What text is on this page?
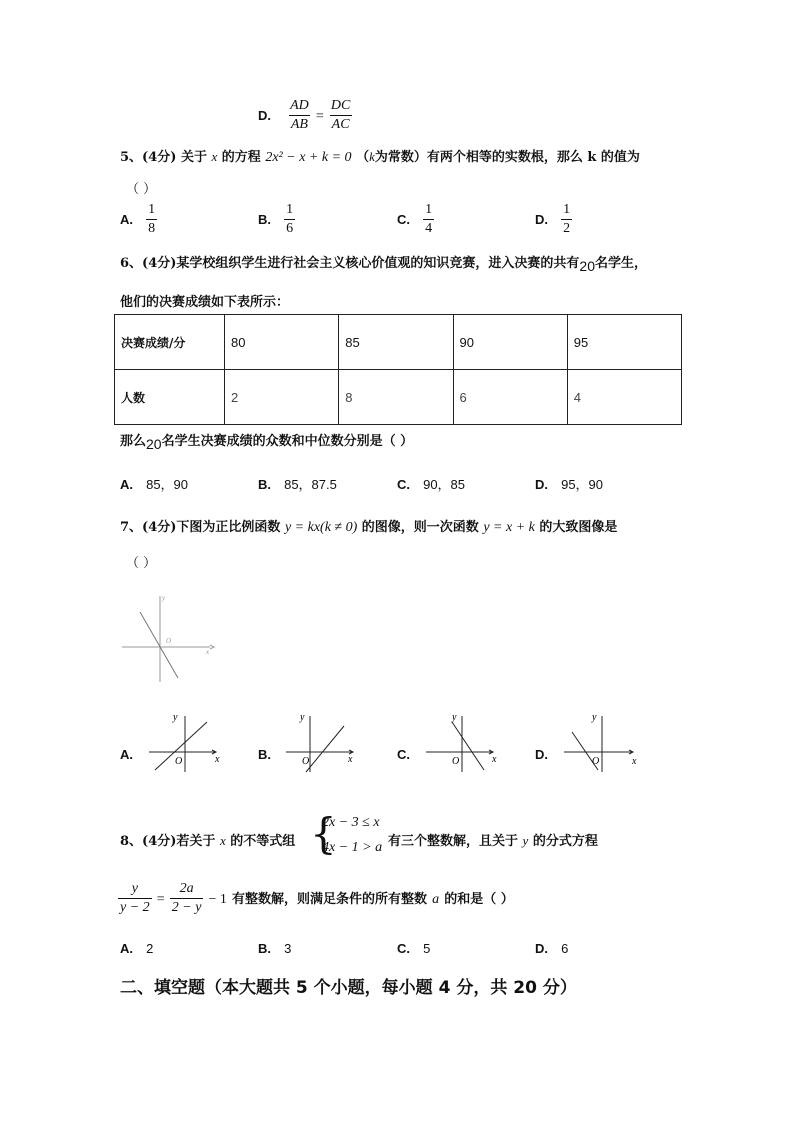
D. $\frac{AD}{AB} = \frac{DC}{AC}$
5、(4分) 关于 x 的方程 2x² − x + k = 0 （k为常数）有两个相等的实数根，那么 k 的值为
（ ）
A. $\frac{1}{8}$	B. $\frac{1}{6}$	C. $\frac{1}{4}$	D. $\frac{1}{2}$
6、(4分)某学校组织学生进行社会主义核心价值观的知识竞赛，进入决赛的共有20名学生，
他们的决赛成绩如下表所示：
决赛成绩/分	80	85	90	95
人数	2	8	6	4
那么20名学生决赛成绩的众数和中位数分别是（ ）
A. 85，90	B. 85，87.5	C. 90，85	D. 95，90
7、(4分)下图为正比例函数 y = kx(k ≠ 0) 的图像，则一次函数 y = x + k 的大致图像是
（ ）
y
x
O
A.
y
x
O	B.
y
x
O	C.
y
x
O	D.
y
x
O
8、(4分)若关于 x 的不等式组 {
2x − 3 ≤ x
4x − 1 > a 有三个整数解，且关于 y 的分式方程
$\frac{y}{y - 2} = \frac{2a}{2 - y} - 1$ 有整数解，则满足条件的所有整数 a 的和是（ ）
A. 2	B. 3	C. 5	D. 6
二、填空题（本大题共 5 个小题，每小题 4 分，共 20 分）
